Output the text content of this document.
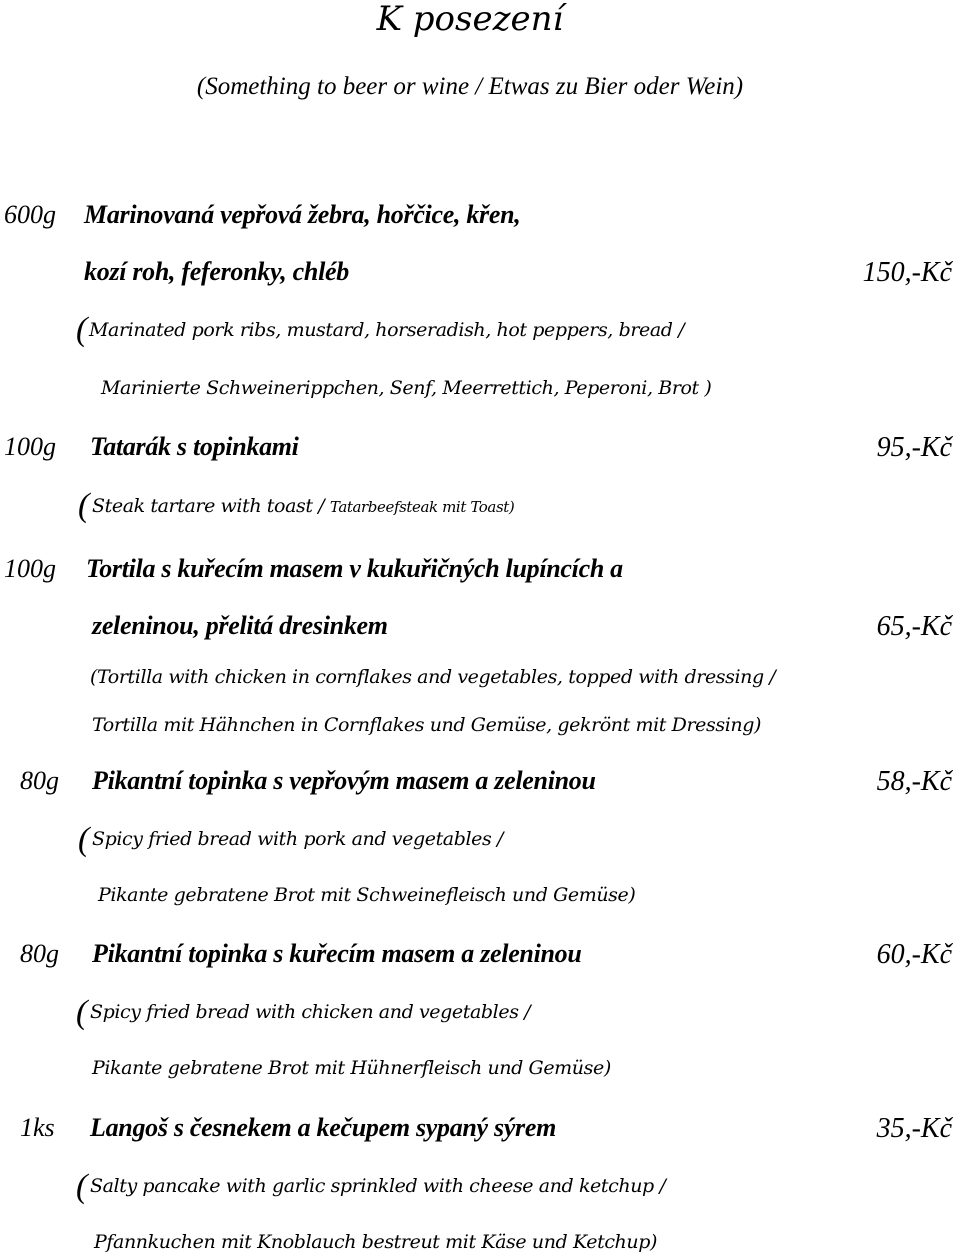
K posezení
(Something to beer or wine / Etwas zu Bier oder Wein)
600g Marinovaná vepřová žebra, hořčice, křen,
kozí roh, feferonky, chléb	150,-Kč
( Marinated pork ribs, mustard, horseradish, hot peppers, bread /
Marinierte Schweinerippchen, Senf, Meerrettich, Peperoni, Brot )
100g Tatarák s topinkami	95,-Kč
( Steak tartare with toast / Tatarbeefsteak mit Toast)
100g Tortila s kuřecím masem v kukuřičných lupíncích a
zeleninou, přelitá dresinkem	65,-Kč
(Tortilla with chicken in cornflakes and vegetables, topped with dressing /
Tortilla mit Hähnchen in Cornflakes und Gemüse, gekrönt mit Dressing)
80g Pikantní topinka s vepřovým masem a zeleninou	58,-Kč
( Spicy fried bread with pork and vegetables /
Pikante gebratene Brot mit Schweinefleisch und Gemüse)
80g Pikantní topinka s kuřecím masem a zeleninou	60,-Kč
( Spicy fried bread with chicken and vegetables /
Pikante gebratene Brot mit Hühnerfleisch und Gemüse)
1ks Langoš s česnekem a kečupem sypaný sýrem	35,-Kč
( Salty pancake with garlic sprinkled with cheese and ketchup /
Pfannkuchen mit Knoblauch bestreut mit Käse und Ketchup)
